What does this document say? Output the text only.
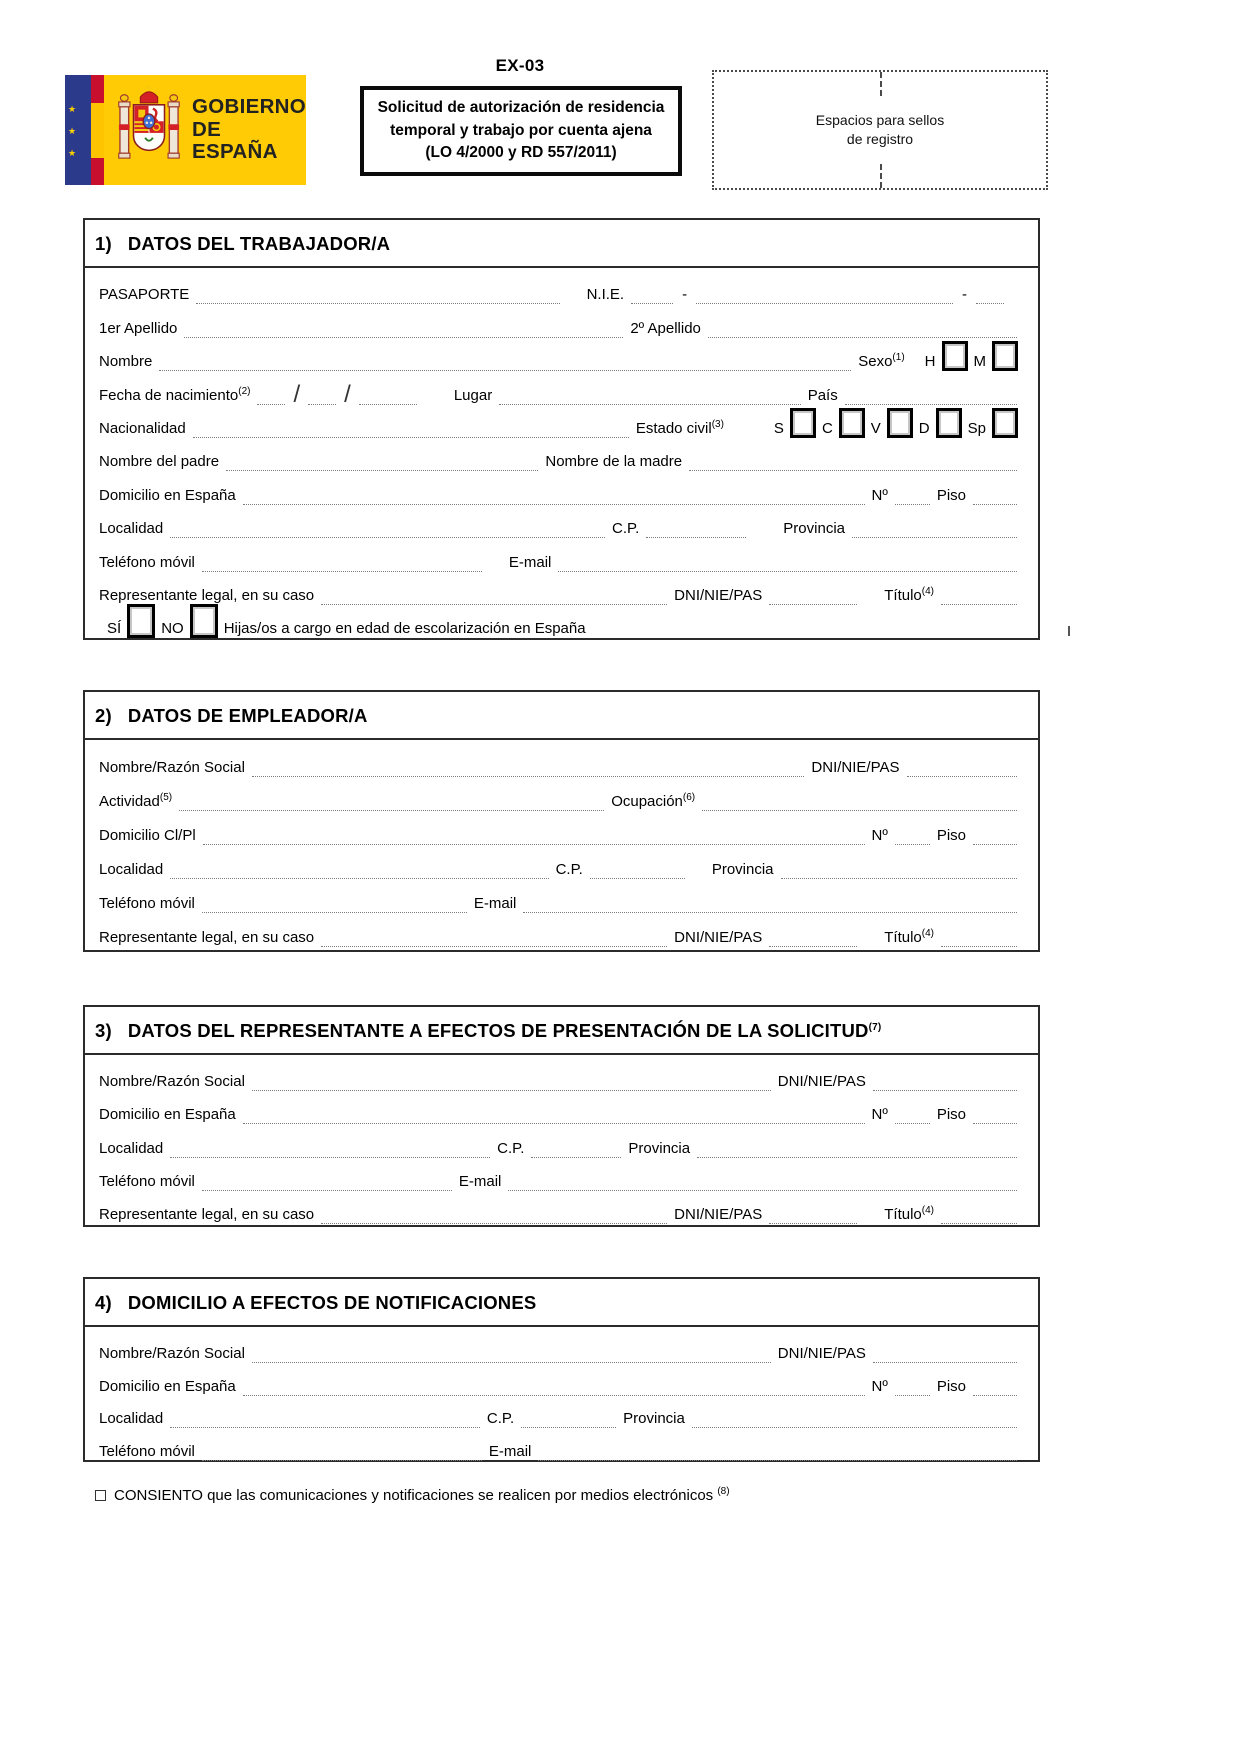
EX-03
Solicitud de autorización de residencia
temporal y trabajo por cuenta ajena
(LO 4/2000 y RD 557/2011)
Espacios para sellos
de registro
★
★
★
GOBIERNO
DE ESPAÑA
1) DATOS DEL TRABAJADOR/A
PASAPORTE	N.I.E.	-	-
1er Apellido	2º Apellido
Nombre	Sexo$^{(1)}$ H	M
Fecha de nacimiento$^{(2)}$ / /	Lugar	País
Nacionalidad	Estado civil$^{(3)}$	S	C	V	D	Sp
Nombre del padre	Nombre de la madre
Domicilio en España	Nº	Piso
Localidad	C.P.	Provincia
Teléfono móvil	E-mail
Representante legal, en su caso	DNI/NIE/PAS	Título$^{(4)}$
SÍ	NO	Hijas/os a cargo en edad de escolarización en España
2) DATOS DE EMPLEADOR/A
Nombre/Razón Social	DNI/NIE/PAS
Actividad$^{(5)}$	Ocupación$^{(6)}$
Domicilio Cl/Pl	Nº	Piso
Localidad	C.P.	Provincia
Teléfono móvil	E-mail
Representante legal, en su caso	DNI/NIE/PAS	Título$^{(4)}$
3) DATOS DEL REPRESENTANTE A EFECTOS DE PRESENTACIÓN DE LA SOLICITUD$^{(7)}$
Nombre/Razón Social	DNI/NIE/PAS
Domicilio en España	Nº	Piso
Localidad	C.P.	Provincia
Teléfono móvil	E-mail
Representante legal, en su caso	DNI/NIE/PAS	Título$^{(4)}$
4) DOMICILIO A EFECTOS DE NOTIFICACIONES
Nombre/Razón Social	DNI/NIE/PAS
Domicilio en España	Nº	Piso
Localidad	C.P.	Provincia
Teléfono móvil	E-mail
CONSIENTO que las comunicaciones y notificaciones se realicen por medios electrónicos $^{(8)}$
